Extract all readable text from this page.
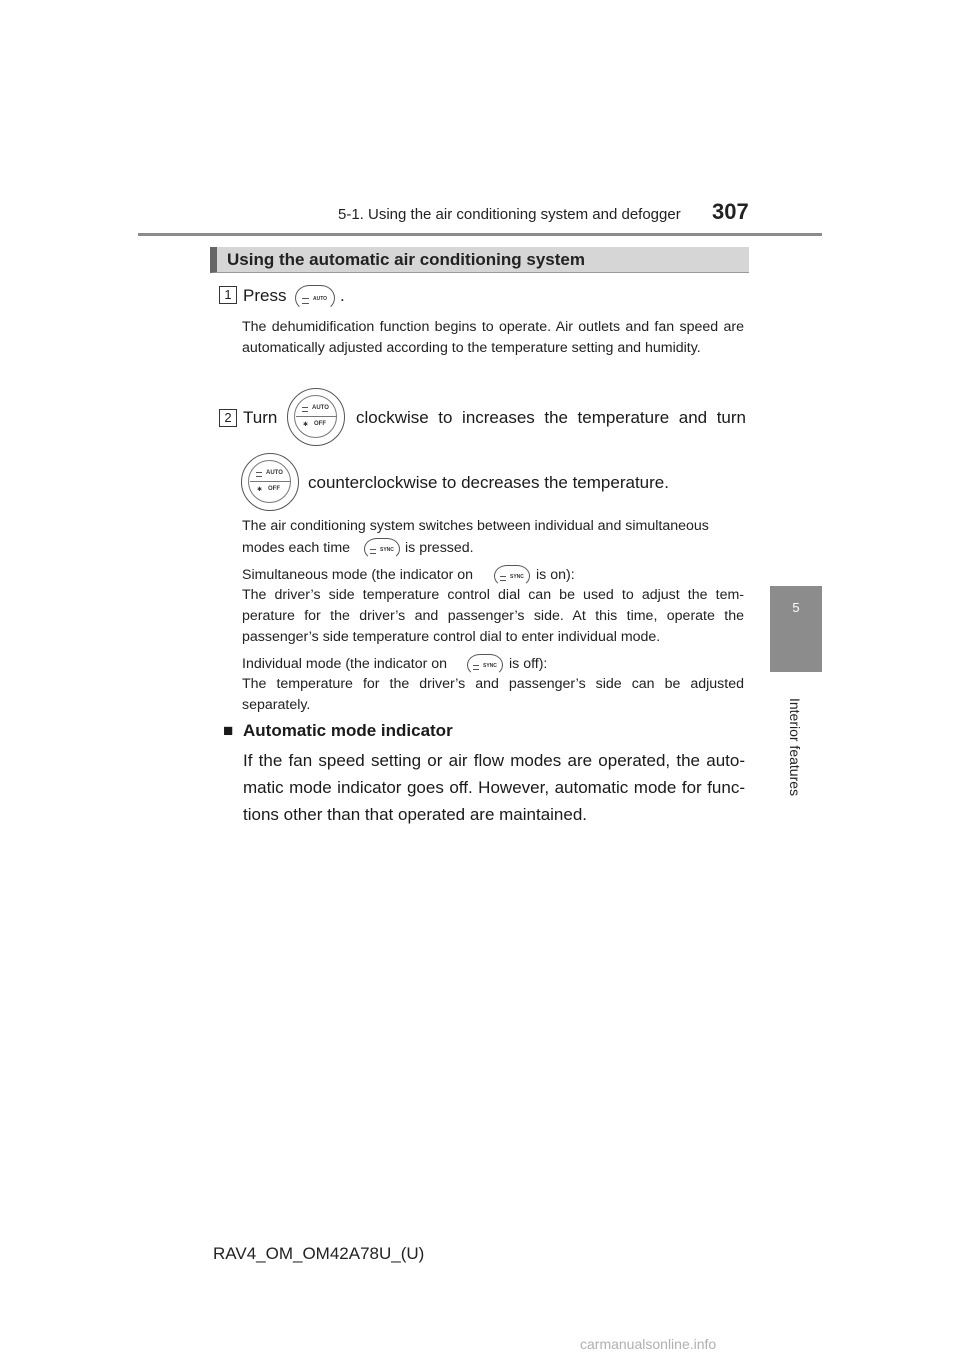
5-1. Using the air conditioning system and defogger 307
5
Interior features
Using the automatic air conditioning system
1 Press	AUTO .
The dehumidification function begins to operate. Air outlets and fan speed are automatically adjusted according to the temperature setting and humidity.
2 Turn	AUTO
✱ OFF clockwise to increases the temperature and turn
AUTO
✱ OFF counterclockwise to decreases the temperature.
The air conditioning system switches between individual and simultaneous
modes each time	SYNC is pressed.
Simultaneous mode (the indicator on	SYNC is on):
The driver’s side temperature control dial can be used to adjust the tem-perature for the driver’s and passenger’s side. At this time, operate the passenger’s side temperature control dial to enter individual mode.
Individual mode (the indicator on	SYNC is off):
The temperature for the driver’s and passenger’s side can be adjusted separately.
■ Automatic mode indicator
If the fan speed setting or air flow modes are operated, the auto-matic mode indicator goes off. However, automatic mode for func-tions other than that operated are maintained.
RAV4_OM_OM42A78U_(U)
carmanualsonline.info
